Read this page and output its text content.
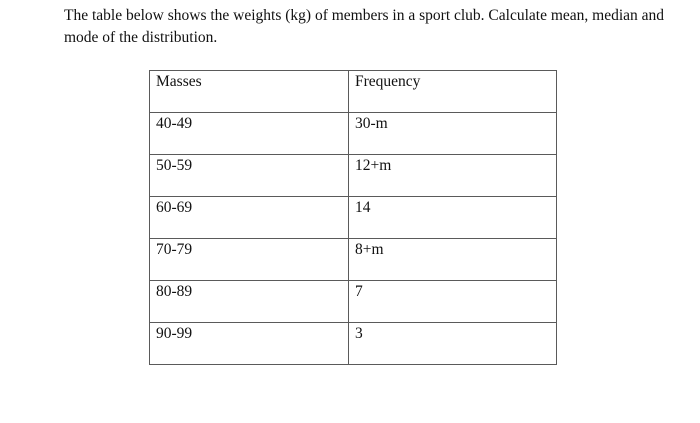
The table below shows the weights (kg) of members in a sport club. Calculate mean, median and
mode of the distribution.

Masses	Frequency

40-49	30-m

50-59	12+m

60-69	14

70-79	8+m

80-89	7

90-99	3
